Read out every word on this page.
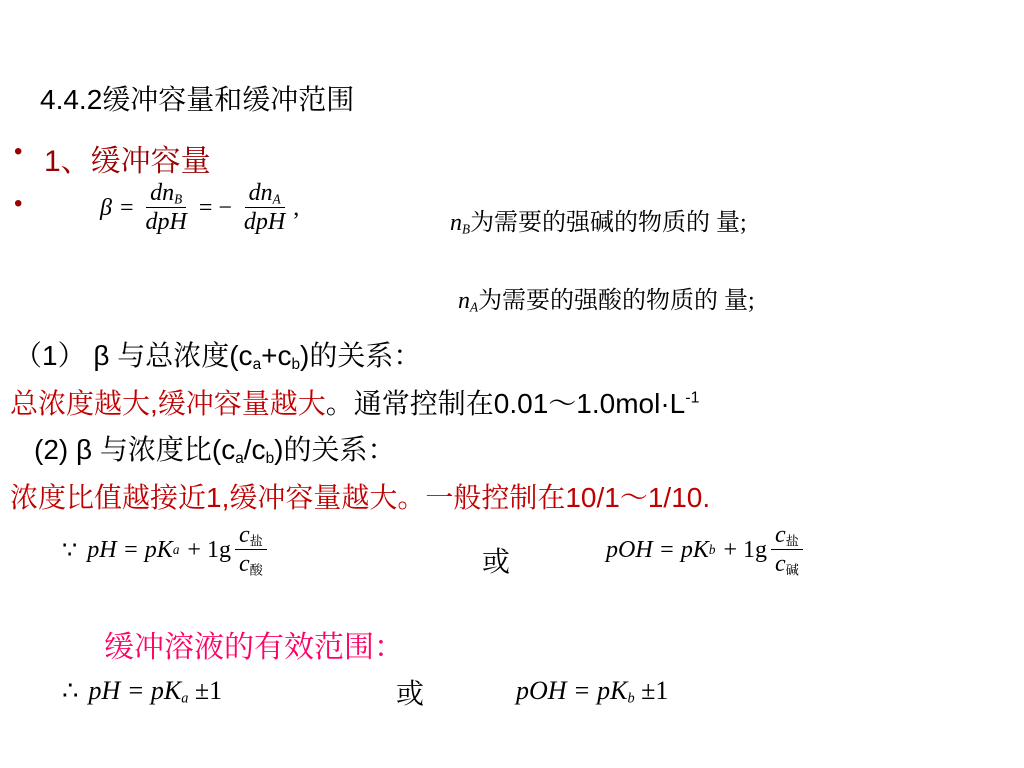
4.4.2缓冲容量和缓冲范围
• 1、缓冲容量
•	$\beta = \frac{dn_B}{\text{dpH}}$ = − $\frac{dn_A}{\text{dpH}}$ ,
$n_B$为需要的强碱的物质的 量;
$n_A$为需要的强酸的物质的 量;
（1） β 与总浓度$(c_a+c_b)$的关系：
总浓度越大,缓冲容量越大。通常控制在$0.01\sim 1.0mol\cdot L^{-1}$
(2) β 与浓度比$(c_a/c_b)$的关系：
浓度比值越接近1,缓冲容量越大。一般控制在10/1～1/10.
∵ pH = pK $a + 1g \frac{c_盐}{c_酸}$	或	pOH = pK $b + 1g \frac{c_盐}{c_碱}$
缓冲溶液的有效范围：
∴ pH = $pK_a \pm 1$	或	pOH = $pK_b \pm 1$
